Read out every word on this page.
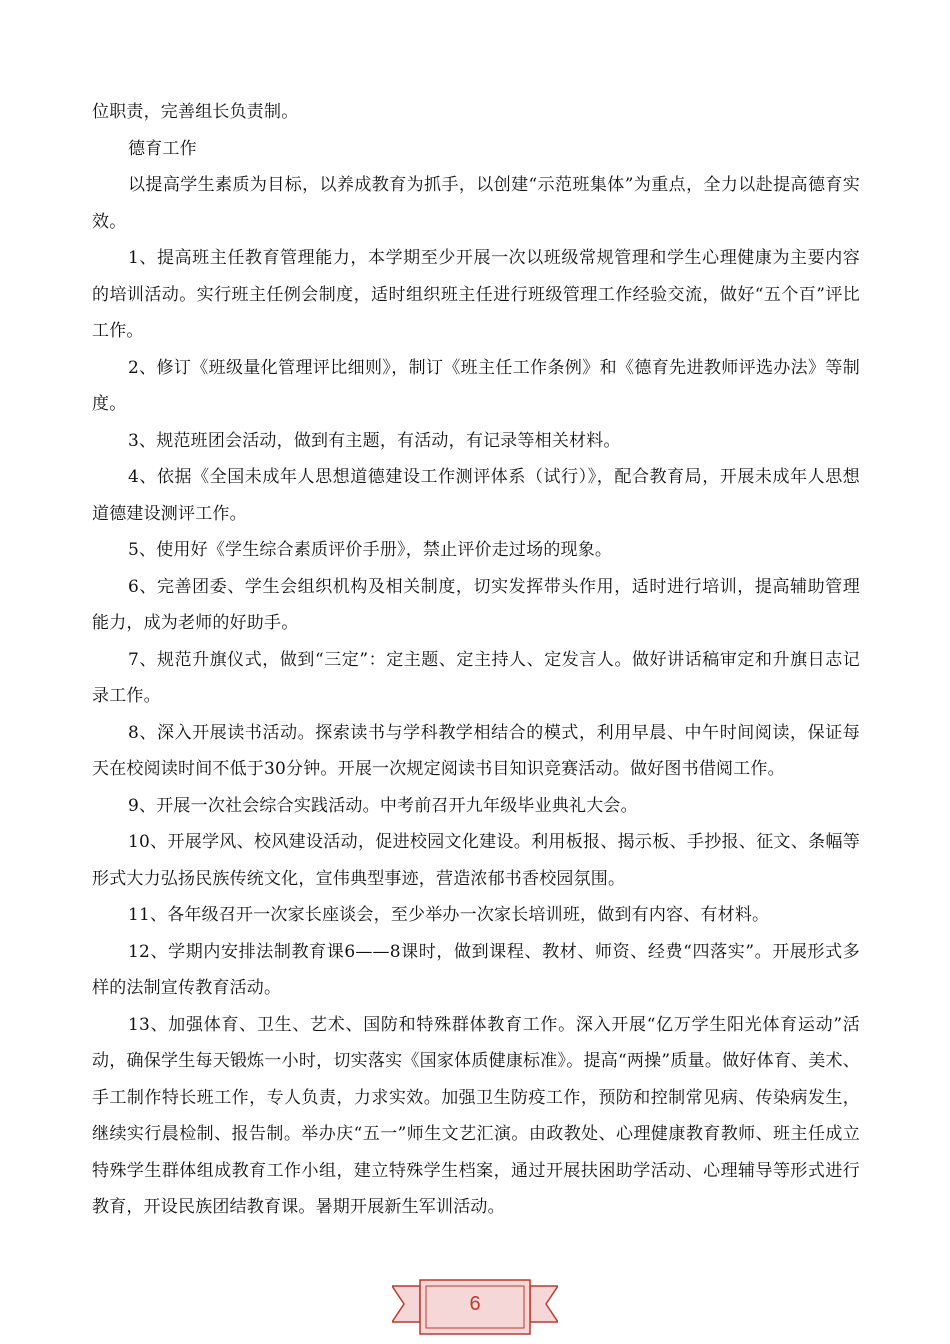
位职责，完善组长负责制。

德育工作

以提高学生素质为目标，以养成教育为抓手，以创建“示范班集体”为重点，全力以赴提高德育实效。

1、提高班主任教育管理能力，本学期至少开展一次以班级常规管理和学生心理健康为主要内容的培训活动。实行班主任例会制度，适时组织班主任进行班级管理工作经验交流，做好“五个百”评比工作。

2、修订《班级量化管理评比细则》，制订《班主任工作条例》和《德育先进教师评选办法》等制度。

3、规范班团会活动，做到有主题，有活动，有记录等相关材料。

4、依据《全国未成年人思想道德建设工作测评体系（试行）》，配合教育局，开展未成年人思想道德建设测评工作。

5、使用好《学生综合素质评价手册》，禁止评价走过场的现象。

6、完善团委、学生会组织机构及相关制度，切实发挥带头作用，适时进行培训，提高辅助管理能力，成为老师的好助手。

7、规范升旗仪式，做到“三定”：定主题、定主持人、定发言人。做好讲话稿审定和升旗日志记录工作。

8、深入开展读书活动。探索读书与学科教学相结合的模式，利用早晨、中午时间阅读，保证每天在校阅读时间不低于30分钟。开展一次规定阅读书目知识竞赛活动。做好图书借阅工作。

9、开展一次社会综合实践活动。中考前召开九年级毕业典礼大会。

10、开展学风、校风建设活动，促进校园文化建设。利用板报、揭示板、手抄报、征文、条幅等形式大力弘扬民族传统文化，宣伟典型事迹，营造浓郁书香校园氛围。

11、各年级召开一次家长座谈会，至少举办一次家长培训班，做到有内容、有材料。

12、学期内安排法制教育课6——8课时，做到课程、教材、师资、经费“四落实”。开展形式多样的法制宣传教育活动。

13、加强体育、卫生、艺术、国防和特殊群体教育工作。深入开展“亿万学生阳光体育运动”活动，确保学生每天锻炼一小时，切实落实《国家体质健康标准》。提高“两操”质量。做好体育、美术、手工制作特长班工作，专人负责，力求实效。加强卫生防疫工作，预防和控制常见病、传染病发生，继续实行晨检制、报告制。举办庆“五一”师生文艺汇演。由政教处、心理健康教育教师、班主任成立特殊学生群体组成教育工作小组，建立特殊学生档案，通过开展扶困助学活动、心理辅导等形式进行教育，开设民族团结教育课。暑期开展新生军训活动。

6
